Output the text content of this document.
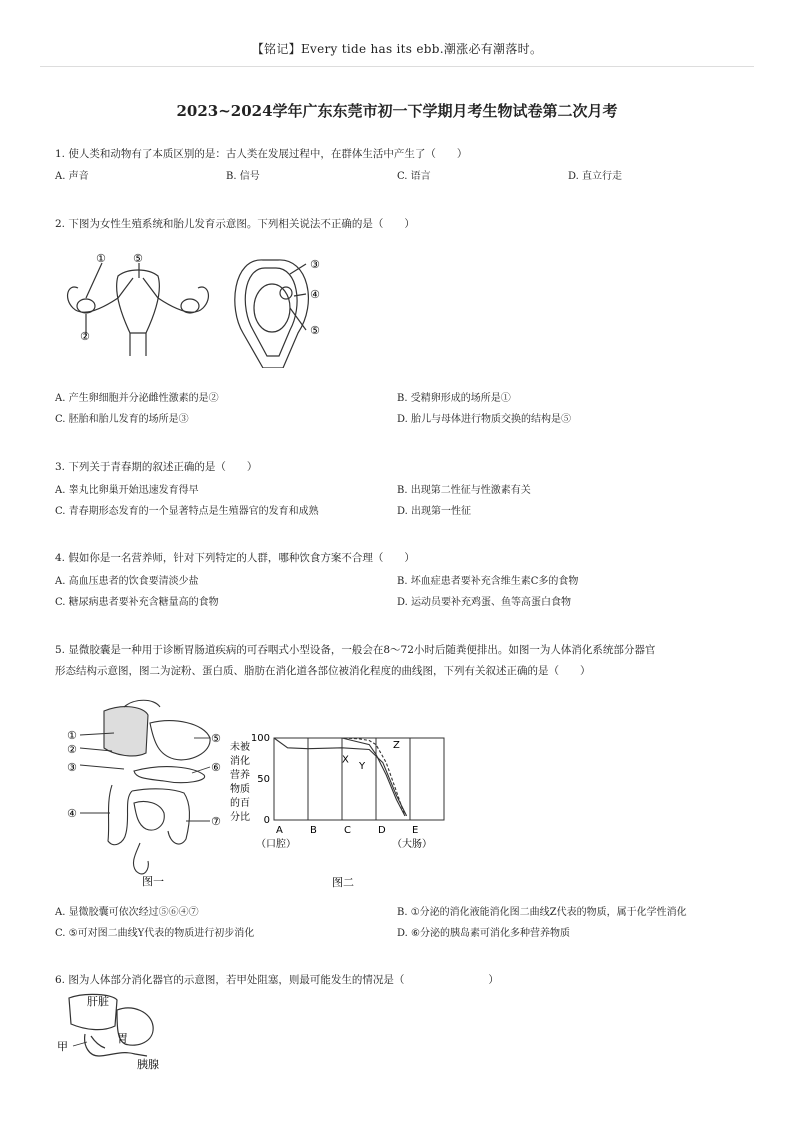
【铭记】Every tide has its ebb.潮涨必有潮落时。
2023~2024学年广东东莞市初一下学期月考生物试卷第二次月考
1. 使人类和动物有了本质区别的是：古人类在发展过程中，在群体生活中产生了（　　）
A. 声音	B. 信号	C. 语言	D. 直立行走
2. 下图为女性生殖系统和胎儿发育示意图。下列相关说法不正确的是（　　）
① ⑤
②
③
④
⑤
A. 产生卵细胞并分泌雌性激素的是②	B. 受精卵形成的场所是①
C. 胚胎和胎儿发育的场所是③	D. 胎儿与母体进行物质交换的结构是⑤
3. 下列关于青春期的叙述正确的是（　　）
A. 睾丸比卵巢开始迅速发育得早	B. 出现第二性征与性激素有关
C. 青春期形态发育的一个显著特点是生殖器官的发育和成熟	D. 出现第一性征
4. 假如你是一名营养师，针对下列特定的人群，哪种饮食方案不合理（　　）
A. 高血压患者的饮食要清淡少盐	B. 坏血症患者要补充含维生素C多的食物
C. 糖尿病患者要补充含糖量高的食物	D. 运动员要补充鸡蛋、鱼等高蛋白食物
5. 显微胶囊是一种用于诊断胃肠道疾病的可吞咽式小型设备，一般会在8～72小时后随粪便排出。如图一为人体消化系统部分器官
形态结构示意图，图二为淀粉、蛋白质、脂肪在消化道各部位被消化程度的曲线图，下列有关叙述正确的是（　　）
①
②
③
④
⑤
⑥
⑦
图一
未被
消化
营养
物质
的百
分比
100
50
0
A
（口腔）
B	C	D	E
（大肠）
X
Y
Z
图二
A. 显微胶囊可依次经过⑤⑥④⑦	B. ①分泌的消化液能消化图二曲线Z代表的物质，属于化学性消化
C. ⑤可对图二曲线Y代表的物质进行初步消化	D. ⑥分泌的胰岛素可消化多种营养物质
6. 图为人体部分消化器官的示意图，若甲处阻塞，则最可能发生的情况是（　　　　　　　　）
肝脏
胃
甲
胰腺
